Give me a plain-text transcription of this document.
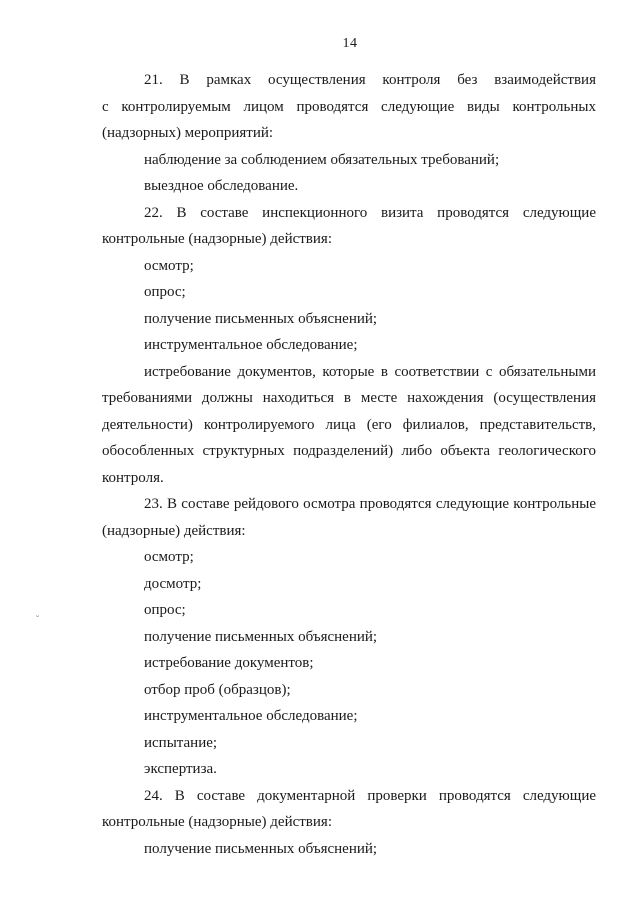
14
21. В рамках осуществления контроля без взаимодействия
с контролируемым лицом проводятся следующие виды контрольных
(надзорных) мероприятий:
наблюдение за соблюдением обязательных требований;
выездное обследование.
22. В составе инспекционного визита проводятся следующие
контрольные (надзорные) действия:
осмотр;
опрос;
получение письменных объяснений;
инструментальное обследование;
истребование документов, которые в соответствии с обязательными
требованиями должны находиться в месте нахождения (осуществления
деятельности) контролируемого лица (его филиалов, представительств,
обособленных структурных подразделений) либо объекта геологического
контроля.
23. В составе рейдового осмотра проводятся следующие контрольные
(надзорные) действия:
осмотр;
досмотр;
опрос;
получение письменных объяснений;
истребование документов;
отбор проб (образцов);
инструментальное обследование;
испытание;
экспертиза.
24. В составе документарной проверки проводятся следующие
контрольные (надзорные) действия:
получение письменных объяснений;
˘
